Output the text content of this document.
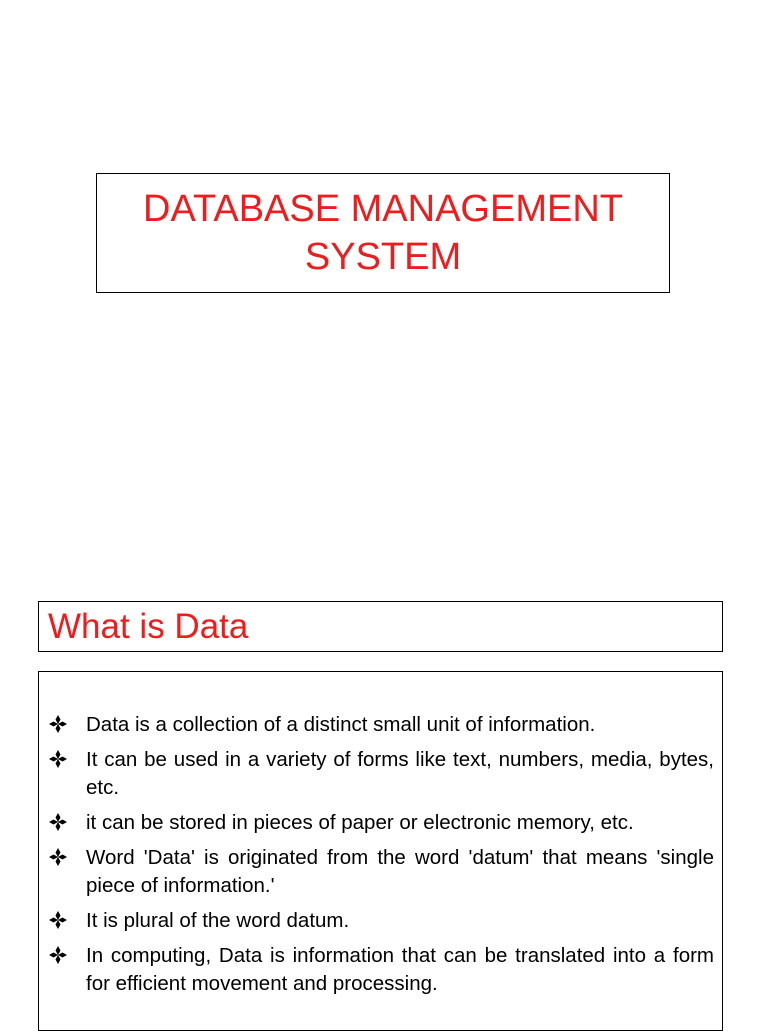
DATABASE MANAGEMENT
SYSTEM
What is Data
Data is a collection of a distinct small unit of information.
It can be used in a variety of forms like text, numbers, media, bytes, etc.
it can be stored in pieces of paper or electronic memory, etc.
Word 'Data' is originated from the word 'datum' that means 'single piece of information.'
It is plural of the word datum.
In computing, Data is information that can be translated into a form for efficient movement and processing.
